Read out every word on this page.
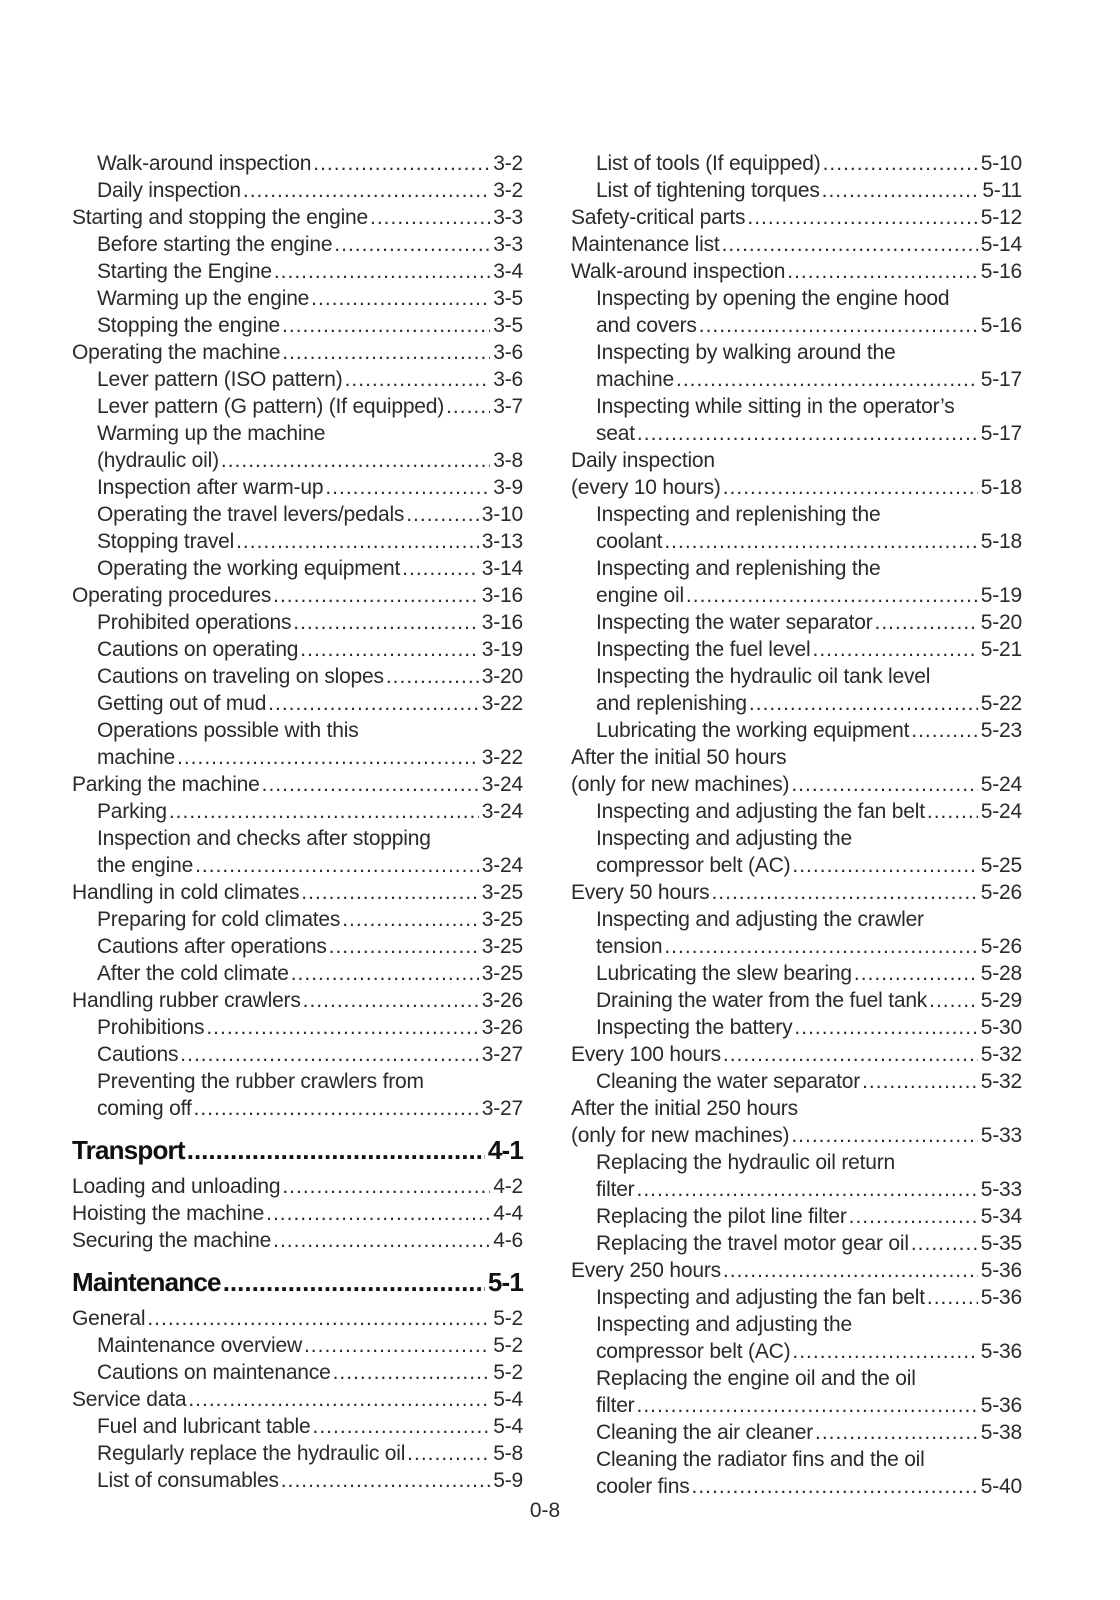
Walk-around inspection .....	3-2
Daily inspection .....	3-2
Starting and stopping the engine .....	3-3
Before starting the engine .....	3-3
Starting the Engine .....	3-4
Warming up the engine .....	3-5
Stopping the engine .....	3-5
Operating the machine .....	3-6
Lever pattern (ISO pattern) .....	3-6
Lever pattern (G pattern) (If equipped) ..... 3-7
Warming up the machine
(hydraulic oil) .....	3-8
Inspection after warm-up .....	3-9
Operating the travel levers/pedals .....	3-10
Stopping travel .....	3-13
Operating the working equipment .....	3-14
Operating procedures .....	3-16
Prohibited operations .....	3-16
Cautions on operating .....	3-19
Cautions on traveling on slopes .....	3-20
Getting out of mud .....	3-22
Operations possible with this
machine .....	3-22
Parking the machine .....	3-24
Parking .....	3-24
Inspection and checks after stopping
the engine .....	3-24
Handling in cold climates .....	3-25
Preparing for cold climates .....	3-25
Cautions after operations .....	3-25
After the cold climate .....	3-25
Handling rubber crawlers .....	3-26
Prohibitions .....	3-26
Cautions .....	3-27
Preventing the rubber crawlers from
coming off .....	3-27
Transport .....	4-1
Loading and unloading .....	4-2
Hoisting the machine .....	4-4
Securing the machine .....	4-6
Maintenance .....	5-1
General .....	5-2
Maintenance overview .....	5-2
Cautions on maintenance .....	5-2
Service data .....	5-4
Fuel and lubricant table .....	5-4
Regularly replace the hydraulic oil .....	5-8
List of consumables .....	5-9
List of tools (If equipped) .....	5-10
List of tightening torques .....	5-11
Safety-critical parts .....	5-12
Maintenance list .....	5-14
Walk-around inspection .....	5-16
Inspecting by opening the engine hood
and covers .....	5-16
Inspecting by walking around the
machine .....	5-17
Inspecting while sitting in the operator’s
seat .....	5-17
Daily inspection
(every 10 hours) .....	5-18
Inspecting and replenishing the
coolant .....	5-18
Inspecting and replenishing the
engine oil .....	5-19
Inspecting the water separator .....	5-20
Inspecting the fuel level .....	5-21
Inspecting the hydraulic oil tank level
and replenishing .....	5-22
Lubricating the working equipment .....	5-23
After the initial 50 hours
(only for new machines) .....	5-24
Inspecting and adjusting the fan belt .....	5-24
Inspecting and adjusting the
compressor belt (AC) .....	5-25
Every 50 hours .....	5-26
Inspecting and adjusting the crawler
tension .....	5-26
Lubricating the slew bearing .....	5-28
Draining the water from the fuel tank .....	5-29
Inspecting the battery .....	5-30
Every 100 hours .....	5-32
Cleaning the water separator .....	5-32
After the initial 250 hours
(only for new machines) .....	5-33
Replacing the hydraulic oil return
filter .....	5-33
Replacing the pilot line filter .....	5-34
Replacing the travel motor gear oil .....	5-35
Every 250 hours .....	5-36
Inspecting and adjusting the fan belt .....	5-36
Inspecting and adjusting the
compressor belt (AC) .....	5-36
Replacing the engine oil and the oil
filter .....	5-36
Cleaning the air cleaner .....	5-38
Cleaning the radiator fins and the oil
cooler fins .....	5-40
0-8
